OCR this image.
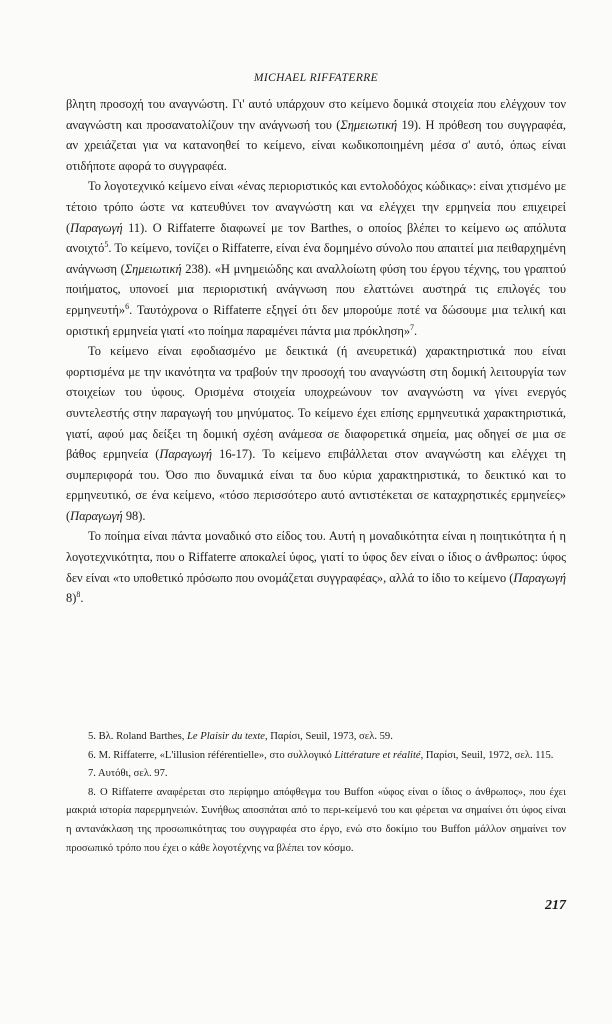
MICHAEL RIFFATERRE

βλητη προσοχή του αναγνώστη. Γι' αυτό υπάρχουν στο κείμενο δομικά στοιχεία που ελέγχουν τον αναγνώστη και προσανατολίζουν την ανάγνωσή του (Σημειωτική 19). Η πρόθεση του συγγραφέα, αν χρειάζεται για να κατανοηθεί το κείμενο, είναι κωδικοποιημένη μέσα σ' αυτό, όπως είναι οτιδήποτε αφορά το συγγραφέα.

Το λογοτεχνικό κείμενο είναι «ένας περιοριστικός και εντολοδόχος κώδικας»: είναι χτισμένο με τέτοιο τρόπο ώστε να κατευθύνει τον αναγνώστη και να ελέγχει την ερμηνεία που επιχειρεί (Παραγωγή 11). Ο Riffaterre διαφωνεί με τον Barthes, ο οποίος βλέπει το κείμενο ως απόλυτα ανοιχτό$^5$. Το κείμενο, τονίζει ο Riffaterre, είναι ένα δομημένο σύνολο που απαιτεί μια πειθαρχημένη ανάγνωση (Σημειωτική 238). «Η μνημειώδης και αναλλοίωτη φύση του έργου τέχνης, του γραπτού ποιήματος, υπονοεί μια περιοριστική ανάγνωση που ελαττώνει αυστηρά τις επιλογές του ερμηνευτή»$^6$. Ταυτόχρονα ο Riffaterre εξηγεί ότι δεν μπορούμε ποτέ να δώσουμε μια τελική και οριστική ερμηνεία γιατί «το ποίημα παραμένει πάντα μια πρόκληση»$^7$.

Το κείμενο είναι εφοδιασμένο με δεικτικά (ή ανευρετικά) χαρακτηριστικά που είναι φορτισμένα με την ικανότητα να τραβούν την προσοχή του αναγνώστη στη δομική λειτουργία των στοιχείων του ύφους. Ορισμένα στοιχεία υποχρεώνουν τον αναγνώστη να γίνει ενεργός συντελεστής στην παραγωγή του μηνύματος. Το κείμενο έχει επίσης ερμηνευτικά χαρακτηριστικά, γιατί, αφού μας δείξει τη δομική σχέση ανάμεσα σε διαφορετικά σημεία, μας οδηγεί σε μια σε βάθος ερμηνεία (Παραγωγή 16-17). Το κείμενο επιβάλλεται στον αναγνώστη και ελέγχει τη συμπεριφορά του. Όσο πιο δυναμικά είναι τα δυο κύρια χαρακτηριστικά, το δεικτικό και το ερμηνευτικό, σε ένα κείμενο, «τόσο περισσότερο αυτό αντιστέκεται σε καταχρηστικές ερμηνείες» (Παραγωγή 98).

Το ποίημα είναι πάντα μοναδικό στο είδος του. Αυτή η μοναδικότητα είναι η ποιητικότητα ή η λογοτεχνικότητα, που ο Riffaterre αποκαλεί ύφος, γιατί το ύφος δεν είναι ο ίδιος ο άνθρωπος: ύφος δεν είναι «το υποθετικό πρόσωπο που ονομάζεται συγγραφέας», αλλά το ίδιο το κείμενο (Παραγωγή 8)$^8$.

5. Βλ. Roland Barthes, Le Plaisir du texte, Παρίσι, Seuil, 1973, σελ. 59.

6. M. Riffaterre, «L'illusion référentielle», στο συλλογικό Littérature et réalité, Παρίσι, Seuil, 1972, σελ. 115.

7. Αυτόθι, σελ. 97.

8. Ο Riffaterre αναφέρεται στο περίφημο απόφθεγμα του Buffon «ύφος είναι ο ίδιος ο άνθρωπος», που έχει μακριά ιστορία παρερμηνειών. Συνήθως αποσπάται από το περι-κείμενό του και φέρεται να σημαίνει ότι ύφος είναι η αντανάκλαση της προσωπικότητας του συγγραφέα στο έργο, ενώ στο δοκίμιο του Buffon μάλλον σημαίνει τον προσωπικό τρόπο που έχει ο κάθε λογοτέχνης να βλέπει τον κόσμο.

217
